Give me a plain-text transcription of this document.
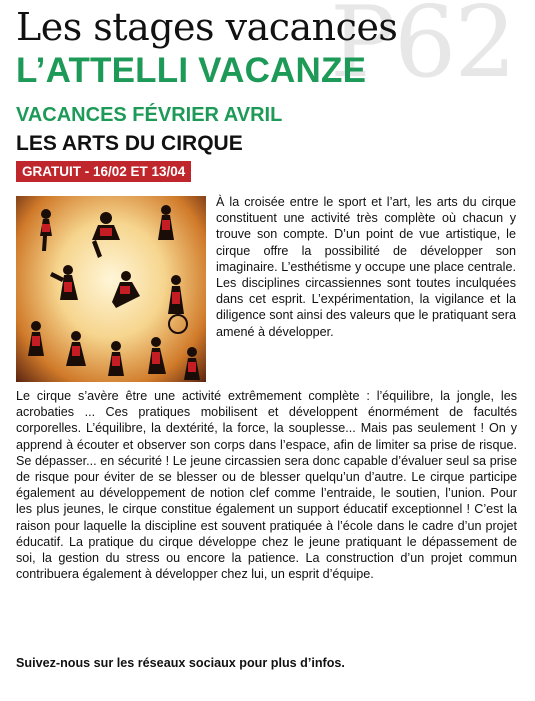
P62
Les stages vacances
L’ATTELLI VACANZE
VACANCES FÉVRIER AVRIL
LES ARTS DU CIRQUE
GRATUIT - 16/02 ET 13/04
À la croisée entre le sport et l’art, les arts du cirque constituent une activité très complète où chacun y trouve son compte. D’un point de vue artistique, le cirque offre la possibilité de développer son imaginaire. L’esthétisme y occupe une place centrale. Les disciplines circassiennes sont toutes inculquées dans cet esprit. L’expérimentation, la vigilance et la diligence sont ainsi des valeurs que le pratiquant sera amené à développer.
Le cirque s’avère être une activité extrêmement complète : l’équilibre, la jongle, les acrobaties ... Ces pratiques mobilisent et développent énormément de facultés corporelles. L’équilibre, la dextérité, la force, la souplesse... Mais pas seulement ! On y apprend à écouter et observer son corps dans l’espace, afin de limiter sa prise de risque. Se dépasser... en sécurité ! Le jeune circassien sera donc capable d’évaluer seul sa prise de risque pour éviter de se blesser ou de blesser quelqu’un d’autre. Le cirque participe également au développement de notion clef comme l’entraide, le soutien, l’union. Pour les plus jeunes, le cirque constitue également un support éducatif exceptionnel ! C’est la raison pour laquelle la discipline est souvent pratiquée à l’école dans le cadre d’un projet éducatif. La pratique du cirque développe chez le jeune pratiquant le dépassement de soi, la gestion du stress ou encore la patience. La construction d’un projet commun contribuera également à développer chez lui, un esprit d’équipe.
Suivez-nous sur les réseaux sociaux pour plus d’infos.
